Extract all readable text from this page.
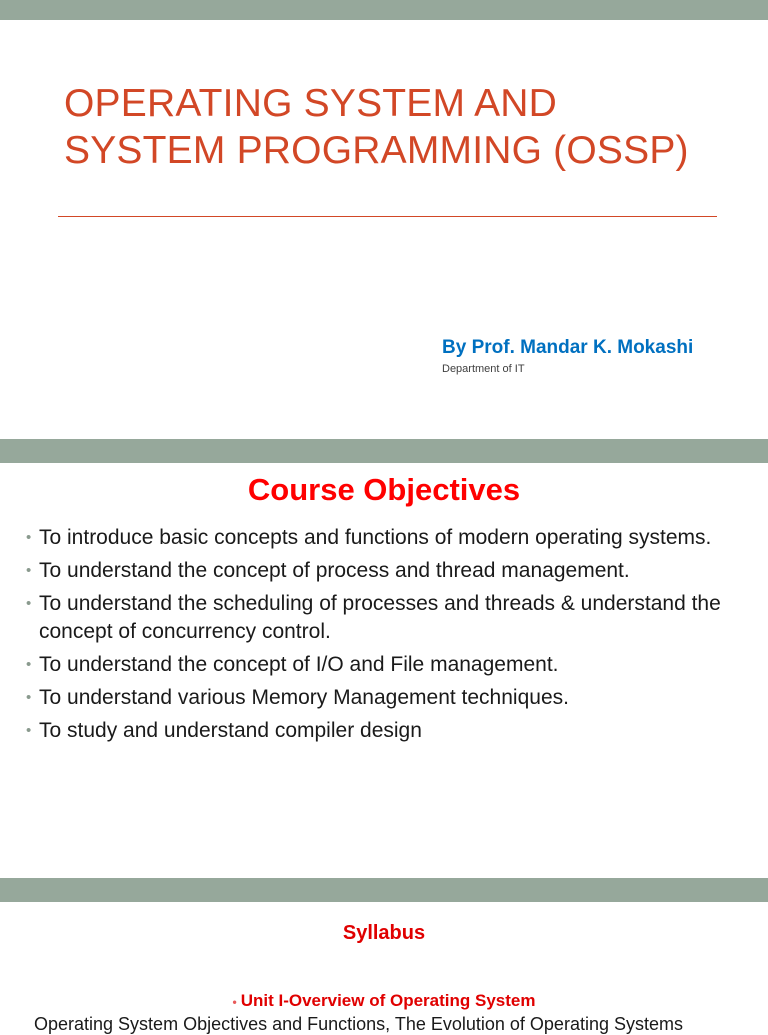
OPERATING SYSTEM AND
SYSTEM PROGRAMMING (OSSP)
By Prof. Mandar K. Mokashi
Department of IT
Course Objectives
• To introduce basic concepts and functions of modern operating systems.
• To understand the concept of process and thread management.
• To understand the scheduling of processes and threads & understand the concept of concurrency control.
• To understand the concept of I/O and File management.
• To understand various Memory Management techniques.
• To study and understand compiler design
Syllabus
• Unit I-Overview of Operating System
Operating System Objectives and Functions, The Evolution of Operating Systems
